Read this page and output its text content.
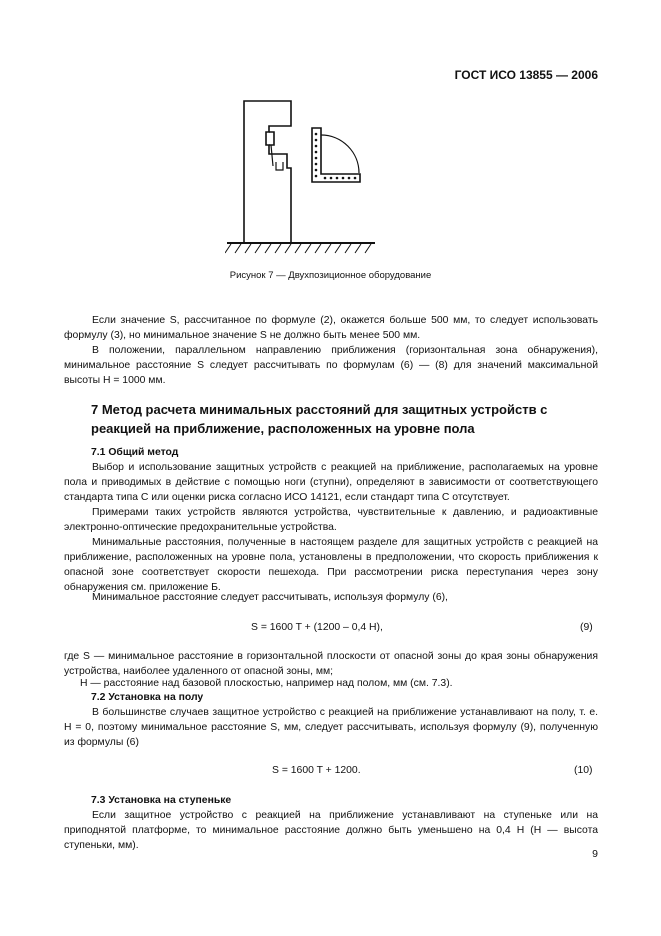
ГОСТ ИСО 13855 — 2006
Рисунок 7 — Двухпозиционное оборудование
Если значение S, рассчитанное по формуле (2), окажется больше 500 мм, то следует использовать формулу (3), но минимальное значение S не должно быть менее 500 мм.
В положении, параллельном направлению приближения (горизонтальная зона обнаружения), минимальное расстояние S следует рассчитывать по формулам (6) — (8) для значений максимальной высоты H = 1000 мм.
7 Метод расчета минимальных расстояний для защитных устройств с реакцией на приближение, расположенных на уровне пола
7.1 Общий метод
Выбор и использование защитных устройств с реакцией на приближение, располагаемых на уровне пола и приводимых в действие с помощью ноги (ступни), определяют в зависимости от соответствующего стандарта типа С или оценки риска согласно ИСО 14121, если стандарт типа С отсутствует.
Примерами таких устройств являются устройства, чувствительные к давлению, и радиоактивные электронно-оптические предохранительные устройства.
Минимальные расстояния, полученные в настоящем разделе для защитных устройств с реакцией на приближение, расположенных на уровне пола, установлены в предположении, что скорость приближения к опасной зоне соответствует скорости пешехода. При рассмотрении риска переступания через зону обнаружения см. приложение Б.
Минимальное расстояние следует рассчитывать, используя формулу (6),
S = 1600 T + (1200 – 0,4 H),	(9)
где S — минимальное расстояние в горизонтальной плоскости от опасной зоны до края зоны обнаружения устройства, наиболее удаленного от опасной зоны, мм;
H — расстояние над базовой плоскостью, например над полом, мм (см. 7.3).
7.2 Установка на полу
В большинстве случаев защитное устройство с реакцией на приближение устанавливают на полу, т. е. H = 0, поэтому минимальное расстояние S, мм, следует рассчитывать, используя формулу (9), полученную из формулы (6)
S = 1600 T + 1200.	(10)
7.3 Установка на ступеньке
Если защитное устройство с реакцией на приближение устанавливают на ступеньке или на приподнятой платформе, то минимальное расстояние должно быть уменьшено на 0,4 H (H — высота ступеньки, мм).
9
